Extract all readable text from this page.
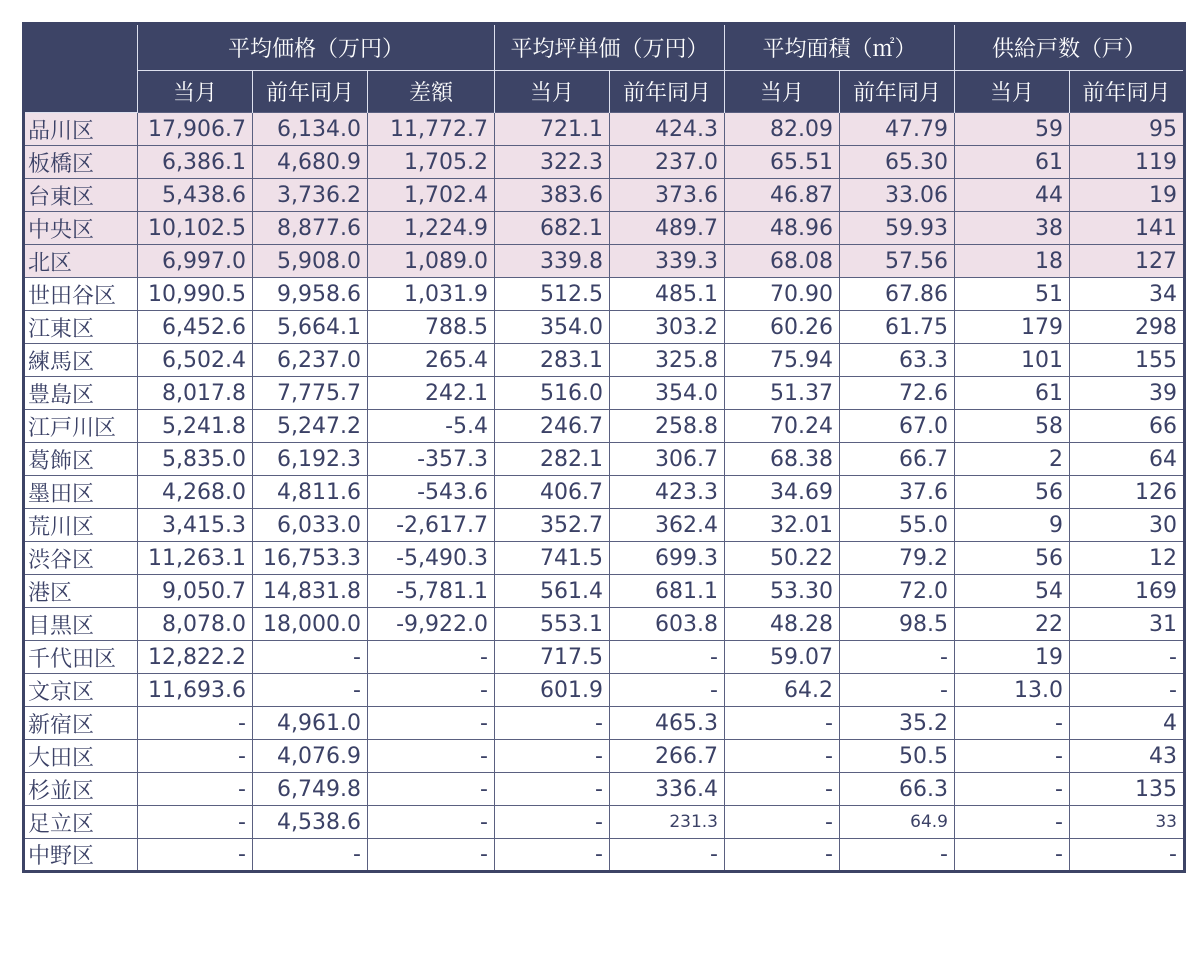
	平均価格（万円）			平均坪単価（万円）		平均面積（㎡）		供給戸数（戸）	
	当月	前年同月	差額	当月	前年同月	当月	前年同月	当月	前年同月
品川区	17,906.7	6,134.0	11,772.7	721.1	424.3	82.09	47.79	59	95
板橋区	6,386.1	4,680.9	1,705.2	322.3	237.0	65.51	65.30	61	119
台東区	5,438.6	3,736.2	1,702.4	383.6	373.6	46.87	33.06	44	19
中央区	10,102.5	8,877.6	1,224.9	682.1	489.7	48.96	59.93	38	141
北区	6,997.0	5,908.0	1,089.0	339.8	339.3	68.08	57.56	18	127
世田谷区	10,990.5	9,958.6	1,031.9	512.5	485.1	70.90	67.86	51	34
江東区	6,452.6	5,664.1	788.5	354.0	303.2	60.26	61.75	179	298
練馬区	6,502.4	6,237.0	265.4	283.1	325.8	75.94	63.3	101	155
豊島区	8,017.8	7,775.7	242.1	516.0	354.0	51.37	72.6	61	39
江戸川区	5,241.8	5,247.2	-5.4	246.7	258.8	70.24	67.0	58	66
葛飾区	5,835.0	6,192.3	-357.3	282.1	306.7	68.38	66.7	2	64
墨田区	4,268.0	4,811.6	-543.6	406.7	423.3	34.69	37.6	56	126
荒川区	3,415.3	6,033.0	-2,617.7	352.7	362.4	32.01	55.0	9	30
渋谷区	11,263.1	16,753.3	-5,490.3	741.5	699.3	50.22	79.2	56	12
港区	9,050.7	14,831.8	-5,781.1	561.4	681.1	53.30	72.0	54	169
目黒区	8,078.0	18,000.0	-9,922.0	553.1	603.8	48.28	98.5	22	31
千代田区	12,822.2	-	-	717.5	-	59.07	-	19	-
文京区	11,693.6	-	-	601.9	-	64.2	-	13.0	-
新宿区	-	4,961.0	-	-	465.3	-	35.2	-	4
大田区	-	4,076.9	-	-	266.7	-	50.5	-	43
杉並区	-	6,749.8	-	-	336.4	-	66.3	-	135
足立区	-	4,538.6	-	-	231.3	-	64.9	-	33
中野区	-	-	-	-	-	-	-	-	-
